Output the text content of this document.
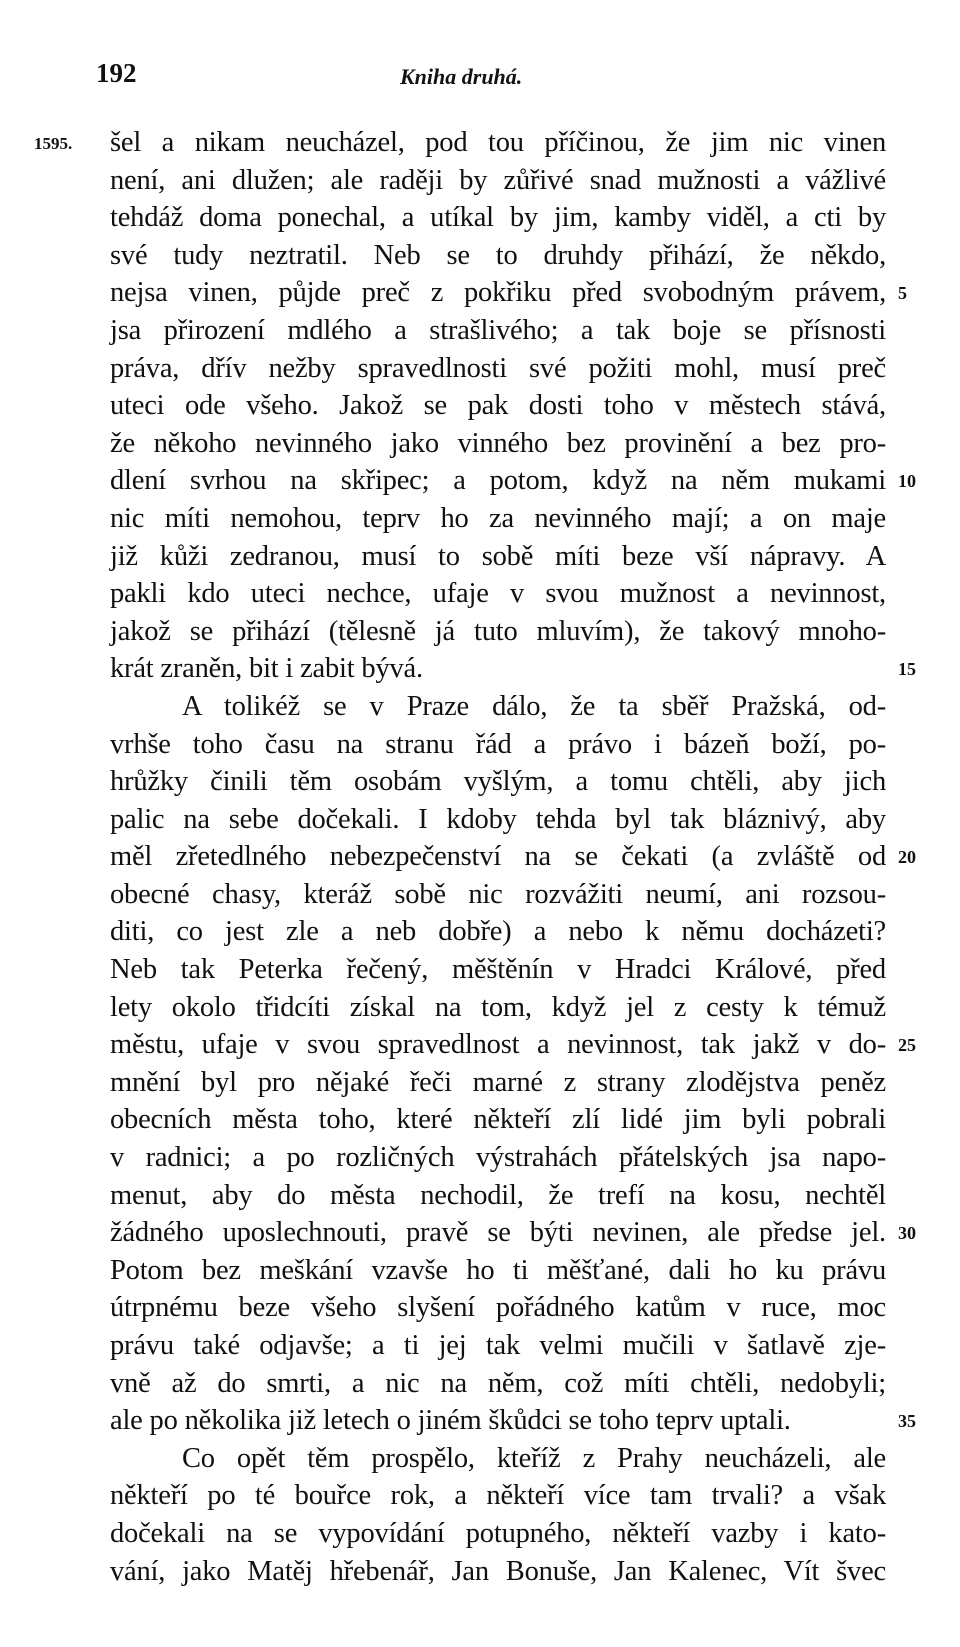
192	Kniha druhá.
1595. šel a nikam neucházel, pod tou příčinou, že jim nic vinen
není, ani dlužen; ale raději by zůřivé snad mužnosti a vážlivé
tehdáž doma ponechal, a utíkal by jim, kamby viděl, a cti by
své tudy neztratil. Neb se to druhdy přihází, že někdo,
nejsa vinen, půjde preč z pokřiku před svobodným právem,
jsa přirození mdlého a strašlivého; a tak boje se přísnosti
práva, dřív nežby spravedlnosti své požiti mohl, musí preč
uteci ode všeho. Jakož se pak dosti toho v městech stává,
že někoho nevinného jako vinného bez provinění a bez pro-
dlení svrhou na skřipec; a potom, když na něm mukami
nic míti nemohou, teprv ho za nevinného mají; a on maje
již kůži zedranou, musí to sobě míti beze vší nápravy. A
pakli kdo uteci nechce, ufaje v svou mužnost a nevinnost,
jakož se přihází (tělesně já tuto mluvím), že takový mnoho-
krát zraněn, bit i zabit bývá.
A tolikéž se v Praze dálo, že ta sběř Pražská, od-
vrhše toho času na stranu řád a právo i bázeň boží, po-
hrůžky činili těm osobám vyšlým, a tomu chtěli, aby jich
palic na sebe dočekali. I kdoby tehda byl tak bláznivý, aby
měl zřetedlného nebezpečenství na se čekati (a zvláště od
obecné chasy, kteráž sobě nic rozvážiti neumí, ani rozsou-
diti, co jest zle a neb dobře) a nebo k němu docházeti?
Neb tak Peterka řečený, měštěnín v Hradci Králové, před
lety okolo třidcíti získal na tom, když jel z cesty k témuž
městu, ufaje v svou spravedlnost a nevinnost, tak jakž v do-
mnění byl pro nějaké řeči marné z strany zlodějstva peněz
obecních města toho, které někteří zlí lidé jim byli pobrali
v radnici; a po rozličných výstrahách přátelských jsa napo-
menut, aby do města nechodil, že trefí na kosu, nechtěl
žádného uposlechnouti, pravě se býti nevinen, ale předse jel.
Potom bez meškání vzavše ho ti měšťané, dali ho ku právu
útrpnému beze všeho slyšení pořádného katům v ruce, moc
právu také odjavše; a ti jej tak velmi mučili v šatlavě zje-
vně až do smrti, a nic na něm, což míti chtěli, nedobyli;
ale po několika již letech o jiném škůdci se toho teprv uptali.
Co opět těm prospělo, kteříž z Prahy neucházeli, ale
někteří po té bouřce rok, a někteří více tam trvali? a však
dočekali na se vypovídání potupného, někteří vazby i kato-
vání, jako Matěj hřebenář, Jan Bonuše, Jan Kalenec, Vít švec
5
10
15
20
25
30
35
